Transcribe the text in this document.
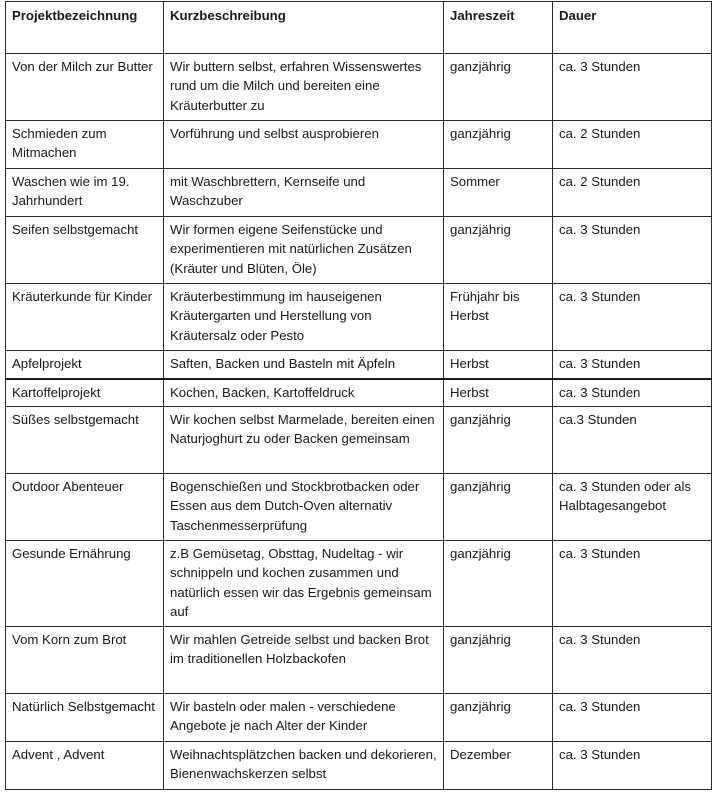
Projektbezeichnung	Kurzbeschreibung	Jahreszeit	Dauer
Von der Milch zur Butter	Wir buttern selbst, erfahren Wissenswertes rund um die Milch und bereiten eine Kräuterbutter zu	ganzjährig	ca. 3 Stunden
Schmieden zum Mitmachen	Vorführung und selbst ausprobieren	ganzjährig	ca. 2 Stunden
Waschen wie im 19. Jahrhundert	mit Waschbrettern, Kernseife und Waschzuber	Sommer	ca. 2 Stunden
Seifen selbstgemacht	Wir formen eigene Seifenstücke und experimentieren mit natürlichen Zusätzen (Kräuter und Blüten, Öle)	ganzjährig	ca. 3 Stunden
Kräuterkunde für Kinder	Kräuterbestimmung im hauseigenen Kräutergarten und Herstellung von Kräutersalz oder Pesto	Frühjahr bis Herbst	ca. 3 Stunden
Apfelprojekt	Saften, Backen und Basteln mit Äpfeln	Herbst	ca. 3 Stunden
Kartoffelprojekt	Kochen, Backen, Kartoffeldruck	Herbst	ca. 3 Stunden
Süßes selbstgemacht	Wir kochen selbst Marmelade, bereiten einen Naturjoghurt zu oder Backen gemeinsam	ganzjährig	ca.3 Stunden
Outdoor Abenteuer	Bogenschießen und Stockbrotbacken oder Essen aus dem Dutch-Oven alternativ Taschenmesserprüfung	ganzjährig	ca. 3 Stunden oder als Halbtagesangebot
Gesunde Ernährung	z.B Gemüsetag, Obsttag, Nudeltag - wir schnippeln und kochen zusammen und natürlich essen wir das Ergebnis gemeinsam auf	ganzjährig	ca. 3 Stunden
Vom Korn zum Brot	Wir mahlen Getreide selbst und backen Brot im traditionellen Holzbackofen	ganzjährig	ca. 3 Stunden
Natürlich Selbstgemacht	Wir basteln oder malen - verschiedene Angebote je nach Alter der Kinder	ganzjährig	ca. 3 Stunden
Advent , Advent	Weihnachtsplätzchen backen und dekorieren, Bienenwachskerzen selbst	Dezember	ca. 3 Stunden
